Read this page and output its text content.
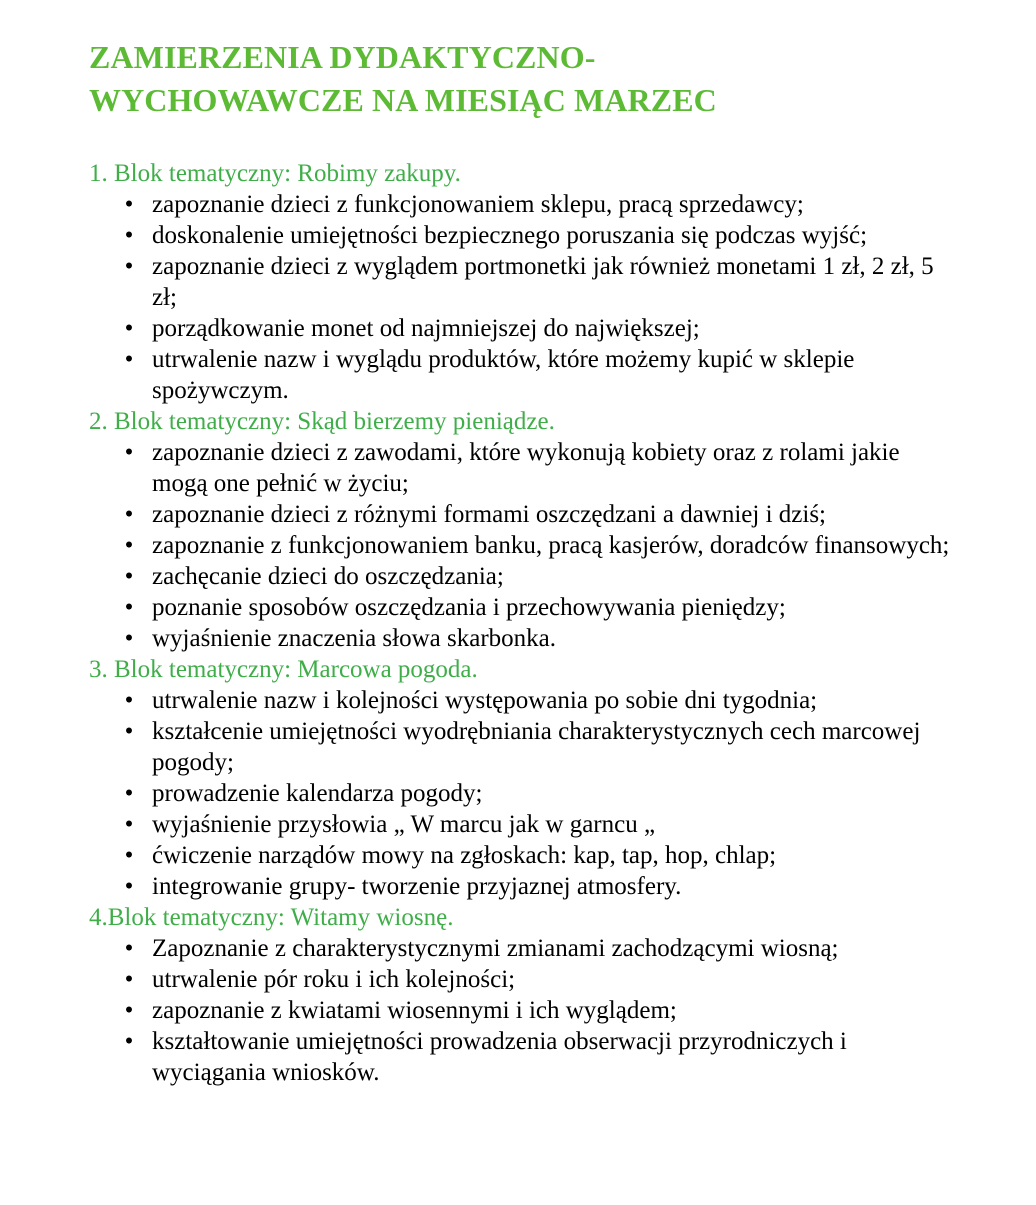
ZAMIERZENIA DYDAKTYCZNO-
WYCHOWAWCZE NA MIESIĄC MARZEC
1. Blok tematyczny: Robimy zakupy.
• zapoznanie dzieci z funkcjonowaniem sklepu, pracą sprzedawcy;
• doskonalenie umiejętności bezpiecznego poruszania się podczas wyjść;
• zapoznanie dzieci z wyglądem portmonetki jak również monetami 1 zł, 2 zł, 5 zł;
• porządkowanie monet od najmniejszej do największej;
• utrwalenie nazw i wyglądu produktów, które możemy kupić w sklepie spożywczym.
2. Blok tematyczny: Skąd bierzemy pieniądze.
• zapoznanie dzieci z zawodami, które wykonują kobiety oraz z rolami jakie mogą one pełnić w życiu;
• zapoznanie dzieci z różnymi formami oszczędzani a dawniej i dziś;
• zapoznanie z funkcjonowaniem banku, pracą kasjerów, doradców finansowych;
• zachęcanie dzieci do oszczędzania;
• poznanie sposobów oszczędzania i przechowywania pieniędzy;
• wyjaśnienie znaczenia słowa skarbonka.
3. Blok tematyczny: Marcowa pogoda.
• utrwalenie nazw i kolejności występowania po sobie dni tygodnia;
• kształcenie umiejętności wyodrębniania charakterystycznych cech marcowej pogody;
• prowadzenie kalendarza pogody;
• wyjaśnienie przysłowia „ W marcu jak w garncu „
• ćwiczenie narządów mowy na zgłoskach: kap, tap, hop, chlap;
• integrowanie grupy- tworzenie przyjaznej atmosfery.
4.Blok tematyczny: Witamy wiosnę.
• Zapoznanie z charakterystycznymi zmianami zachodzącymi wiosną;
• utrwalenie pór roku i ich kolejności;
• zapoznanie z kwiatami wiosennymi i ich wyglądem;
• kształtowanie umiejętności prowadzenia obserwacji przyrodniczych i wyciągania wniosków.
